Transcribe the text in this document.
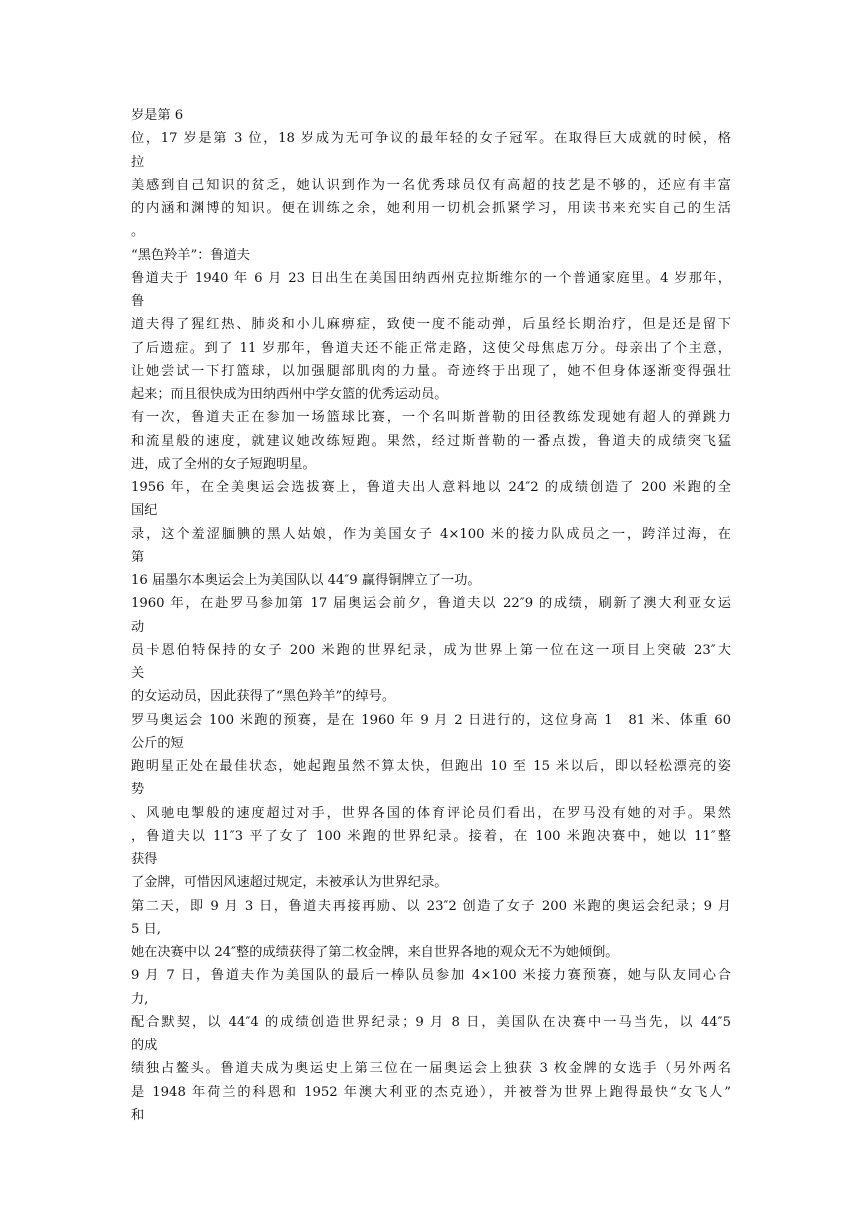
岁是第 6
位，17 岁是第 3 位，18 岁成为无可争议的最年轻的女子冠军。在取得巨大成就的时候，格
拉
美感到自己知识的贫乏，她认识到作为一名优秀球员仅有高超的技艺是不够的，还应有丰富
的内涵和渊博的知识。便在训练之余，她利用一切机会抓紧学习，用读书来充实自己的生活
。
“黑色羚羊”：鲁道夫
鲁道夫于 1940 年 6 月 23 日出生在美国田纳西州克拉斯维尔的一个普通家庭里。4 岁那年，
鲁
道夫得了猩红热、肺炎和小儿麻痹症，致使一度不能动弹，后虽经长期治疗，但是还是留下
了后遗症。到了 11 岁那年，鲁道夫还不能正常走路，这使父母焦虑万分。母亲出了个主意，
让她尝试一下打篮球，以加强腿部肌肉的力量。奇迹终于出现了，她不但身体逐渐变得强壮
起来；而且很快成为田纳西州中学女篮的优秀运动员。
有一次，鲁道夫正在参加一场篮球比赛，一个名叫斯普勒的田径教练发现她有超人的弹跳力
和流星般的速度，就建议她改练短跑。果然，经过斯普勒的一番点拨，鲁道夫的成绩突飞猛
进，成了全州的女子短跑明星。
1956 年，在全美奥运会选拔赛上，鲁道夫出人意料地以 24″2 的成绩创造了 200 米跑的全
国纪
录，这个羞涩腼腆的黑人姑娘，作为美国女子 4×100 米的接力队成员之一，跨洋过海，在
第
16 届墨尔本奥运会上为美国队以 44″9 赢得铜牌立了一功。
1960 年，在赴罗马参加第 17 届奥运会前夕，鲁道夫以 22″9 的成绩，刷新了澳大利亚女运
动
员卡恩伯特保持的女子 200 米跑的世界纪录，成为世界上第一位在这一项目上突破 23″大
关
的女运动员，因此获得了“黑色羚羊”的绰号。
罗马奥运会 100 米跑的预赛，是在 1960 年 9 月 2 日进行的，这位身高 1　81 米、体重 60
公斤的短
跑明星正处在最佳状态，她起跑虽然不算太快，但跑出 10 至 15 米以后，即以轻松漂亮的姿
势
、风驰电掣般的速度超过对手，世界各国的体育评论员们看出，在罗马没有她的对手。果然
，鲁道夫以 11″3 平了女了 100 米跑的世界纪录。接着，在 100 米跑决赛中，她以 11″整
获得
了金牌，可惜因风速超过规定，未被承认为世界纪录。
第二天，即 9 月 3 日，鲁道夫再接再励、以 23″2 创造了女子 200 米跑的奥运会纪录；9 月
5 日,
她在决赛中以 24″整的成绩获得了第二枚金牌，来自世界各地的观众无不为她倾倒。
9 月 7 日，鲁道夫作为美国队的最后一棒队员参加 4×100 米接力赛预赛，她与队友同心合
力,
配合默契，以 44″4 的成绩创造世界纪录；9 月 8 日，美国队在决赛中一马当先，以 44″5
的成
绩独占鳌头。鲁道夫成为奥运史上第三位在一届奥运会上独获 3 枚金牌的女选手（另外两名
是 1948 年荷兰的科恩和 1952 年澳大利亚的杰克逊），并被誉为世界上跑得最快“女飞人”
和
